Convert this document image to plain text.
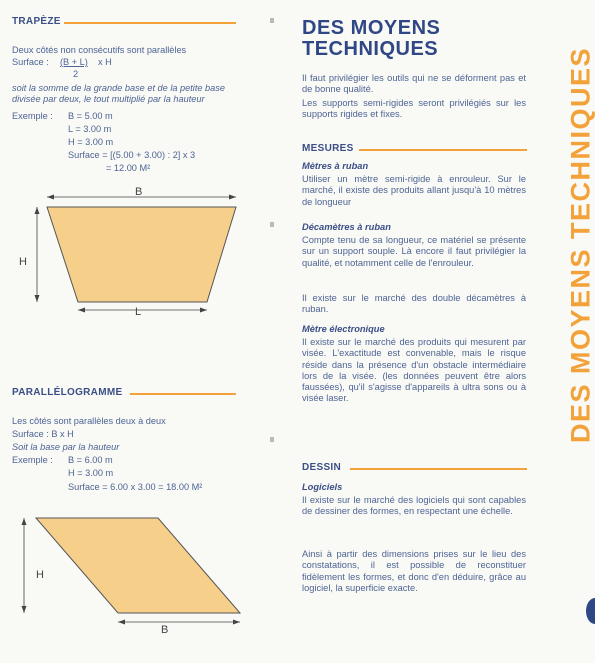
TRAPÈZE
Deux côtés non consécutifs sont parallèles
Surface : (B + L) x H
2
soit la somme de la grande base et de la petite base
divisée par deux, le tout multiplié par la hauteur
Exemple : B = 5.00 m
L = 3.00 m
H = 3.00 m
Surface = [(5.00 + 3.00) : 2] x 3
= 12.00 M²
B
H
L
PARALLÉLOGRAMME
Les côtés sont parallèles deux à deux
Surface : B x H
Soit la base par la hauteur
Exemple : B = 6.00 m
H = 3.00 m
Surface = 6.00 x 3.00 = 18.00 M²
H
B
DES MOYENS
TECHNIQUES
Il faut privilégier les outils qui ne se déforment pas et de bonne qualité.
Les supports semi-rigides seront privilégiés sur les supports rigides et fixes.
MESURES
Mètres à ruban
Utiliser un mètre semi-rigide à enrouleur. Sur le marché, il existe des produits allant jusqu'à 10 mètres de longueur
Décamètres à ruban
Compte tenu de sa longueur, ce matériel se présente sur un support souple. Là encore il faut privilégier la qualité, et notamment celle de l'enrouleur.
Il existe sur le marché des double décamètres à ruban.
Mètre électronique
Il existe sur le marché des produits qui mesurent par visée. L'exactitude est convenable, mais le risque réside dans la présence d'un obstacle intermédiaire lors de la visée. (les données peuvent être alors faussées), qu'il s'agisse d'appareils à ultra sons ou à visée laser.
DESSIN
Logiciels
Il existe sur le marché des logiciels qui sont capables de dessiner des formes, en respectant une échelle.
Ainsi à partir des dimensions prises sur le lieu des constatations, il est possible de reconstituer fidèlement les formes, et donc d'en déduire, grâce au logiciel, la superficie exacte.
DES MOYENS TECHNIQUES
